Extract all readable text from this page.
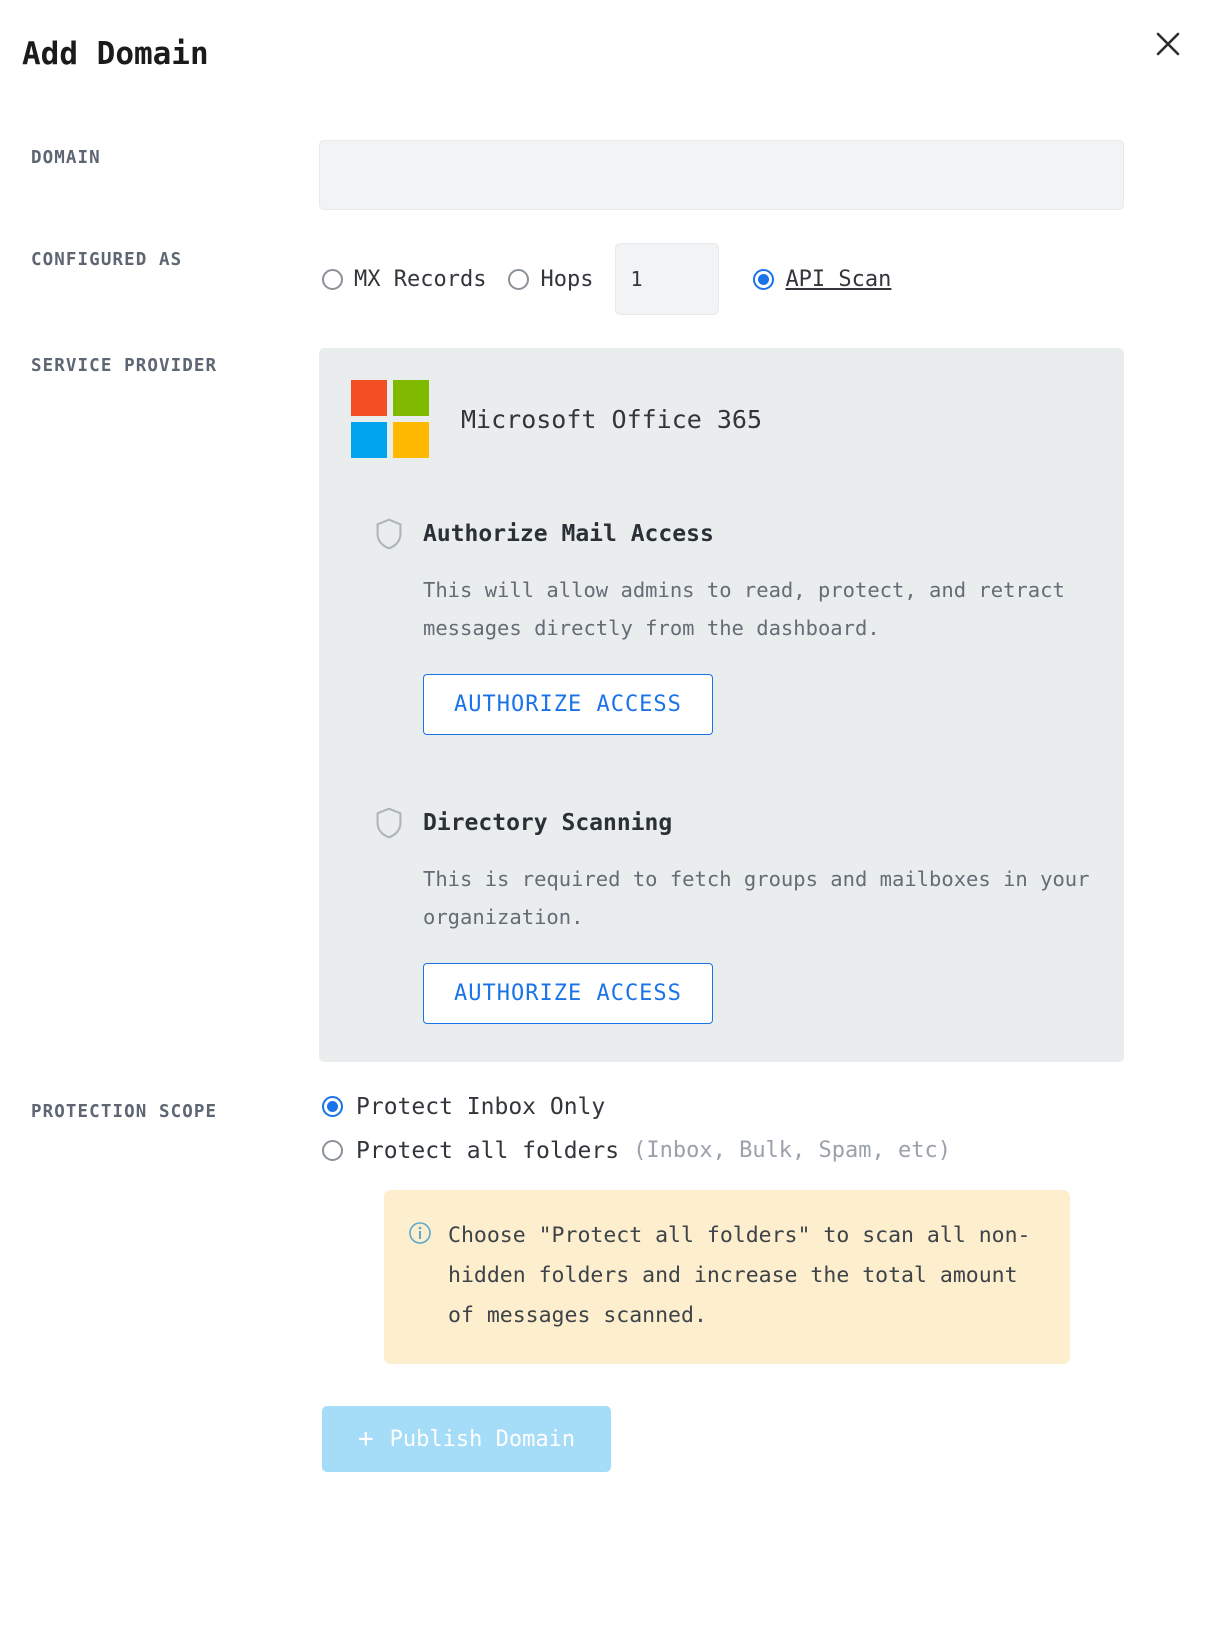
Add Domain
DOMAIN
CONFIGURED AS
MX Records Hops
1	API Scan
SERVICE PROVIDER
Microsoft Office 365
Authorize Mail Access
This will allow admins to read, protect, and retract messages directly from the dashboard.
AUTHORIZE ACCESS
Directory Scanning
This is required to fetch groups and mailboxes in your organization.
AUTHORIZE ACCESS
PROTECTION SCOPE	Protect Inbox Only
Protect all folders (Inbox, Bulk, Spam, etc)
Choose "Protect all folders" to scan all non-hidden folders and increase the total amount of messages scanned.
+ Publish Domain
